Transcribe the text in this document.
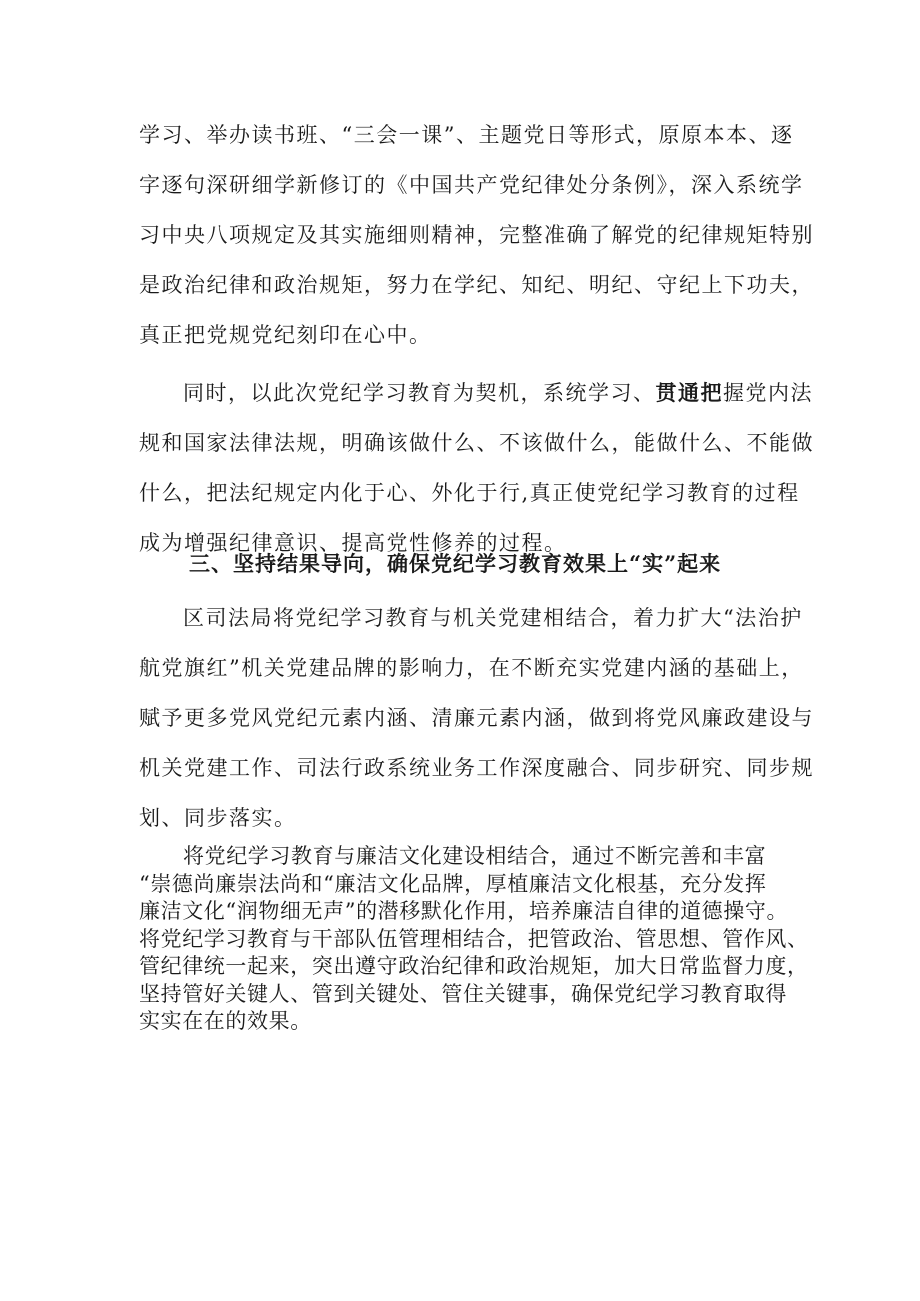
学习、举办读书班、“三会一课”、主题党日等形式，原原本本、逐
字逐句深研细学新修订的《中国共产党纪律处分条例》，深入系统学
习中央八项规定及其实施细则精神，完整准确了解党的纪律规矩特别
是政治纪律和政治规矩，努力在学纪、知纪、明纪、守纪上下功夫，
真正把党规党纪刻印在心中。

同时，以此次党纪学习教育为契机，系统学习、贯通把握党内法
规和国家法律法规，明确该做什么、不该做什么，能做什么、不能做
什么，把法纪规定内化于心、外化于行,真正使党纪学习教育的过程
成为增强纪律意识、提高党性修养的过程。

三、坚持结果导向，确保党纪学习教育效果上“实”起来

区司法局将党纪学习教育与机关党建相结合，着力扩大“法治护
航党旗红”机关党建品牌的影响力，在不断充实党建内涵的基础上，
赋予更多党风党纪元素内涵、清廉元素内涵，做到将党风廉政建设与
机关党建工作、司法行政系统业务工作深度融合、同步研究、同步规
划、同步落实。

将党纪学习教育与廉洁文化建设相结合，通过不断完善和丰富
“崇德尚廉崇法尚和“廉洁文化品牌，厚植廉洁文化根基，充分发挥
廉洁文化“润物细无声”的潜移默化作用，培养廉洁自律的道德操守。
将党纪学习教育与干部队伍管理相结合，把管政治、管思想、管作风、
管纪律统一起来，突出遵守政治纪律和政治规矩，加大日常监督力度，
坚持管好关键人、管到关键处、管住关键事，确保党纪学习教育取得
实实在在的效果。
